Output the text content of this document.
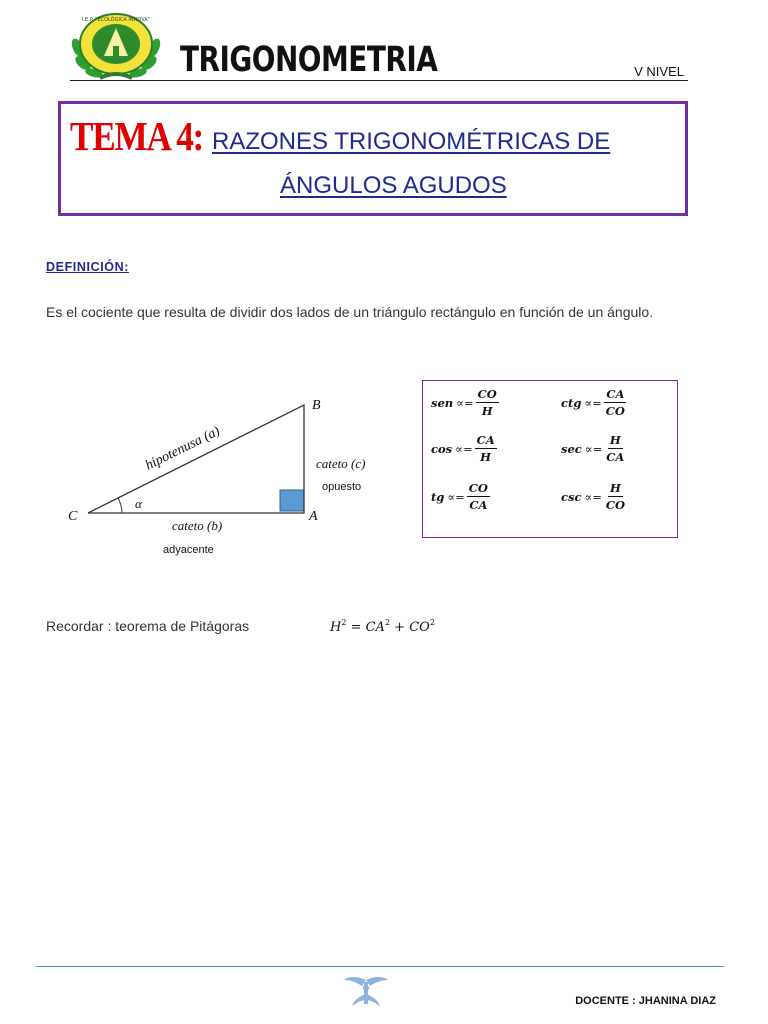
I.E.P. "ECOLÓGICA INNOVA"
TRIGONOMETRIA	V NIVEL
TEMA 4: RAZONES TRIGONOMÉTRICAS DE
ÁNGULOS AGUDOS
DEFINICIÓN:
Es el cociente que resulta de dividir dos lados de un triángulo rectángulo en función de un ángulo.
B
C	A
α
hipotenusa (a)	cateto (c)
opuesto
cateto (b)
adyacente
sen ∝= $\frac{CO}{H}$	ctg ∝= $\frac{CA}{CO}$
$\cos \propto= \frac{CA}{H}$	$\sec \propto= \frac{H}{CA}$
tg ∝= $\frac{CO}{CA}$	$\csc \propto= \frac{H}{CO}$
Recordar : teorema de Pitágoras	$H^2 = CA^2 + CO^2$
DOCENTE : JHANINA DIAZ
